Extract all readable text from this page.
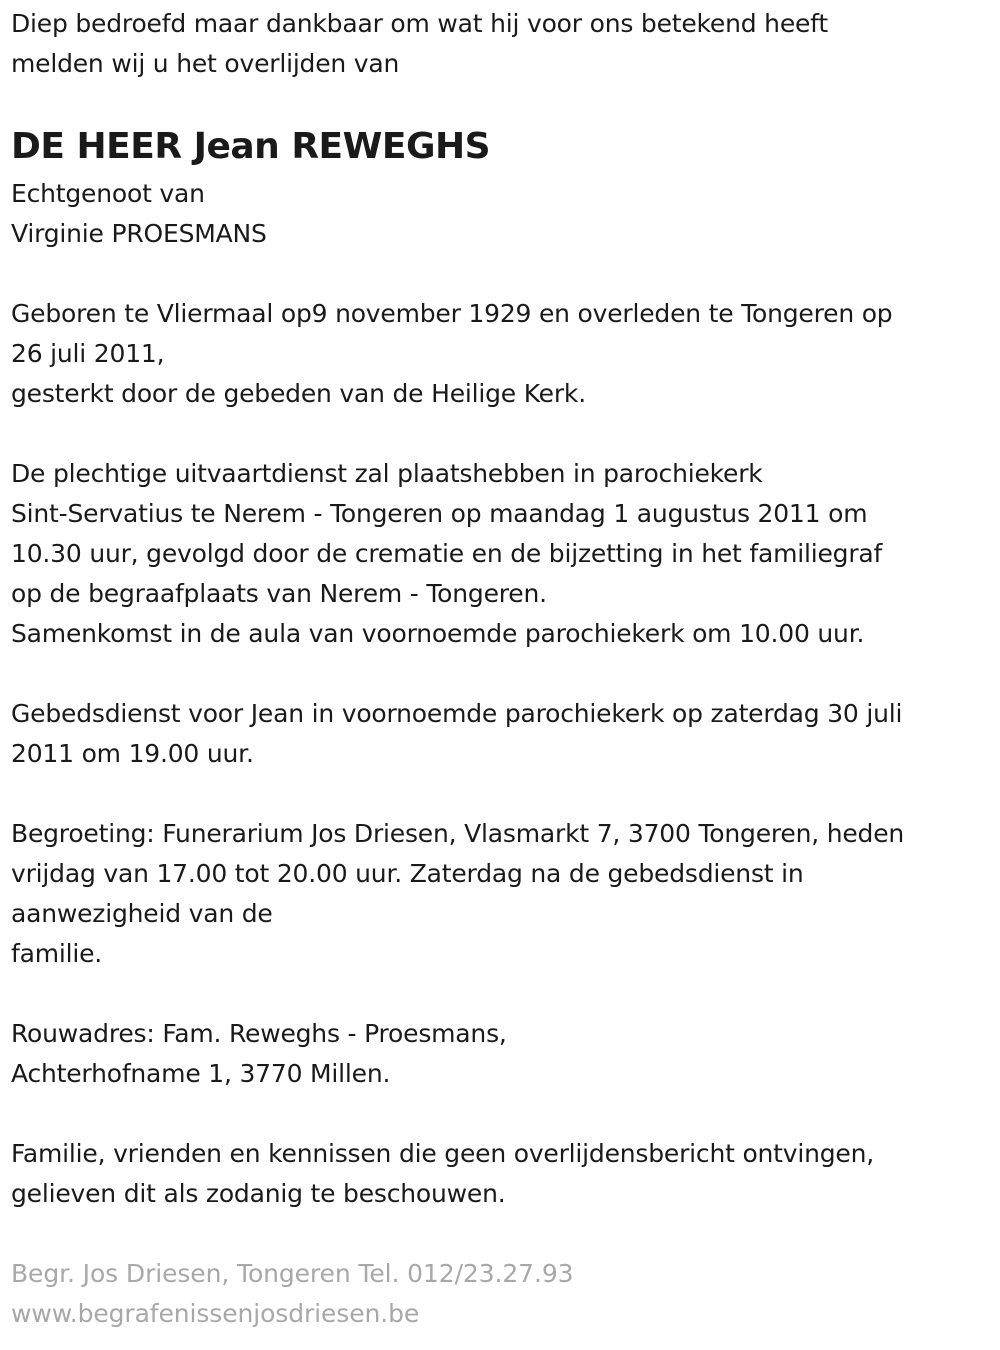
Diep bedroefd maar dankbaar om wat hij voor ons betekend heeft
melden wij u het overlijden van
DE HEER Jean REWEGHS
Echtgenoot van
Virginie PROESMANS
Geboren te Vliermaal op9 november 1929 en overleden te Tongeren op
26 juli 2011,
gesterkt door de gebeden van de Heilige Kerk.
De plechtige uitvaartdienst zal plaatshebben in parochiekerk
Sint-Servatius te Nerem - Tongeren op maandag 1 augustus 2011 om
10.30 uur, gevolgd door de crematie en de bijzetting in het familiegraf
op de begraafplaats van Nerem - Tongeren.
Samenkomst in de aula van voornoemde parochiekerk om 10.00 uur.
Gebedsdienst voor Jean in voornoemde parochiekerk op zaterdag 30 juli
2011 om 19.00 uur.
Begroeting: Funerarium Jos Driesen, Vlasmarkt 7, 3700 Tongeren, heden
vrijdag van 17.00 tot 20.00 uur. Zaterdag na de gebedsdienst in
aanwezigheid van de
familie.
Rouwadres: Fam. Reweghs - Proesmans,
Achterhofname 1, 3770 Millen.
Familie, vrienden en kennissen die geen overlijdensbericht ontvingen,
gelieven dit als zodanig te beschouwen.
Begr. Jos Driesen, Tongeren Tel. 012/23.27.93
www.begrafenissenjosdriesen.be
